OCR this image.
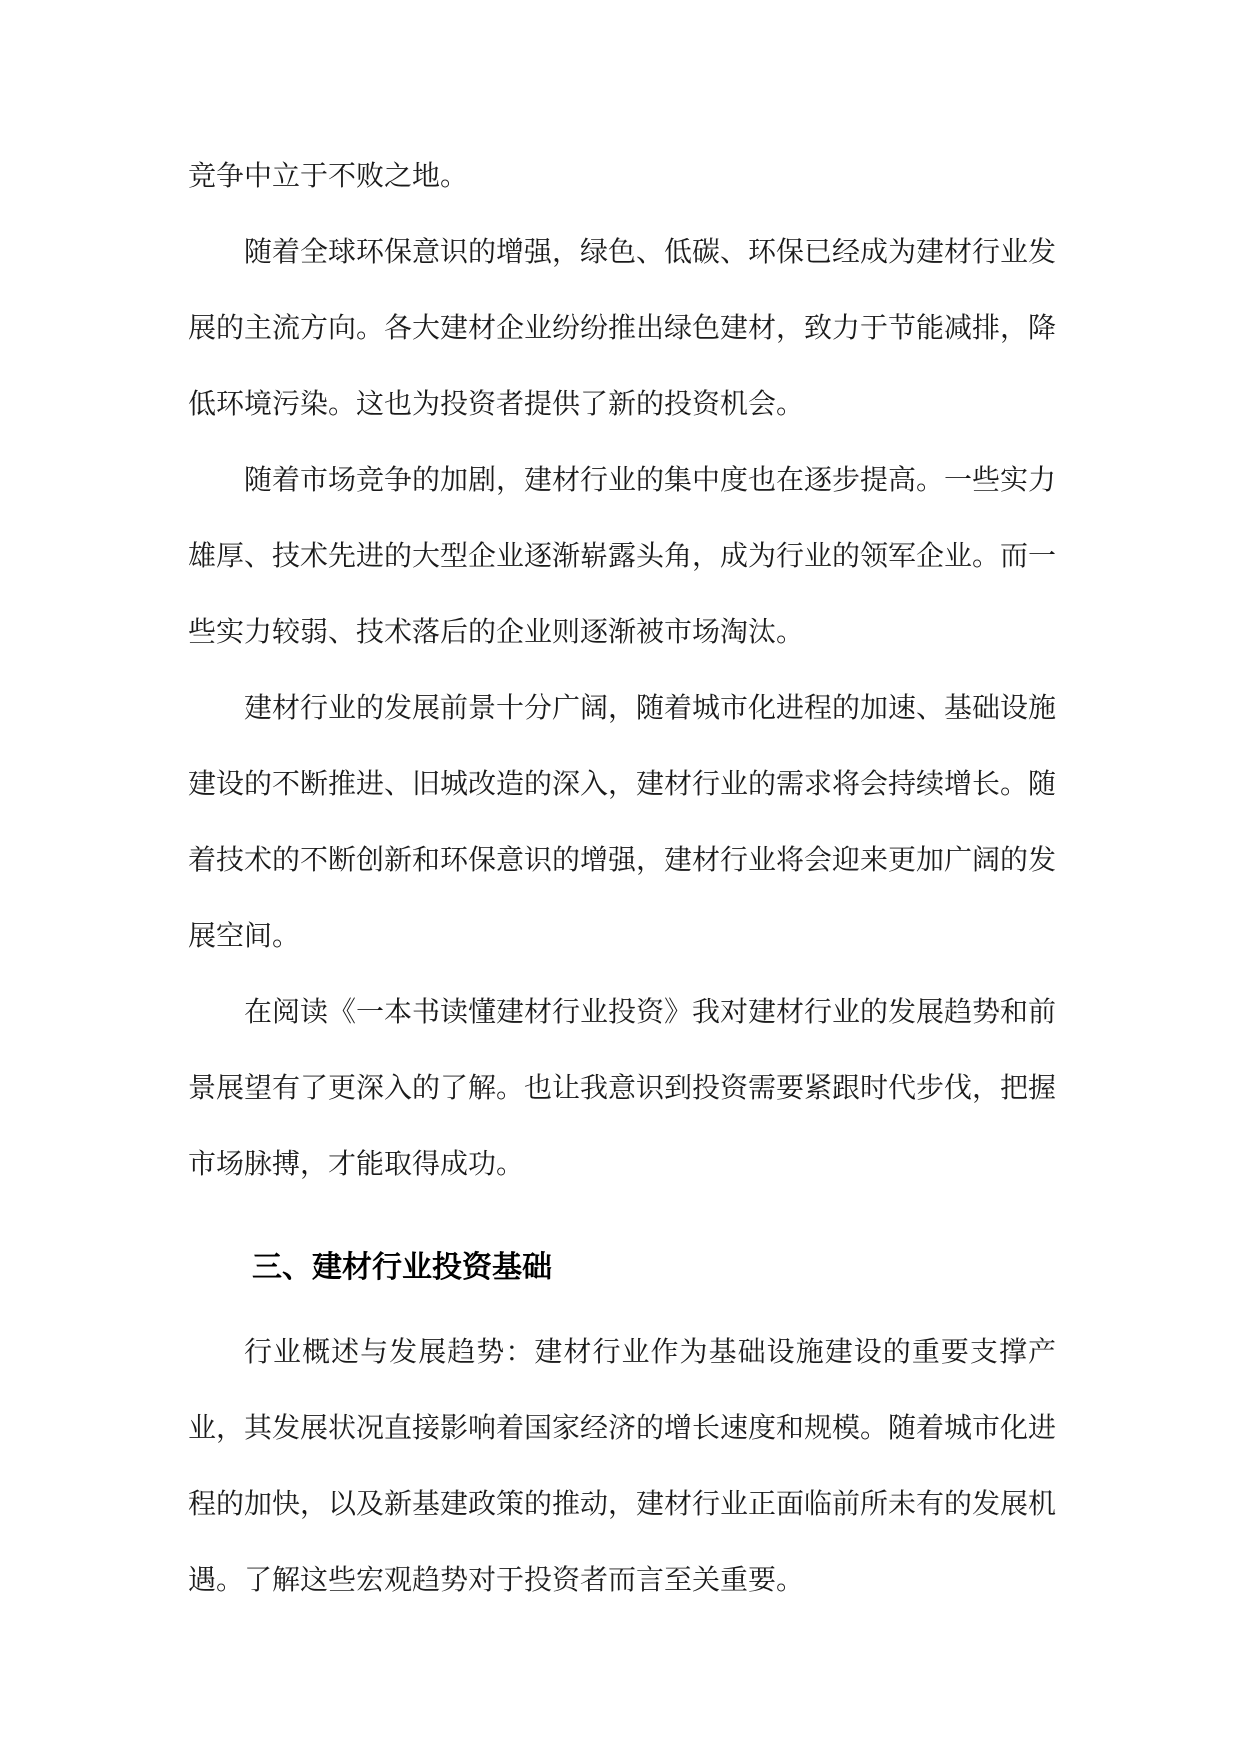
竞争中立于不败之地。

随着全球环保意识的增强，绿色、低碳、环保已经成为建材行业发展的主流方向。各大建材企业纷纷推出绿色建材，致力于节能减排，降低环境污染。这也为投资者提供了新的投资机会。

随着市场竞争的加剧，建材行业的集中度也在逐步提高。一些实力雄厚、技术先进的大型企业逐渐崭露头角，成为行业的领军企业。而一些实力较弱、技术落后的企业则逐渐被市场淘汰。

建材行业的发展前景十分广阔，随着城市化进程的加速、基础设施建设的不断推进、旧城改造的深入，建材行业的需求将会持续增长。随着技术的不断创新和环保意识的增强，建材行业将会迎来更加广阔的发展空间。

在阅读《一本书读懂建材行业投资》我对建材行业的发展趋势和前景展望有了更深入的了解。也让我意识到投资需要紧跟时代步伐，把握市场脉搏，才能取得成功。

三、建材行业投资基础

行业概述与发展趋势：建材行业作为基础设施建设的重要支撑产业，其发展状况直接影响着国家经济的增长速度和规模。随着城市化进程的加快，以及新基建政策的推动，建材行业正面临前所未有的发展机遇。了解这些宏观趋势对于投资者而言至关重要。
